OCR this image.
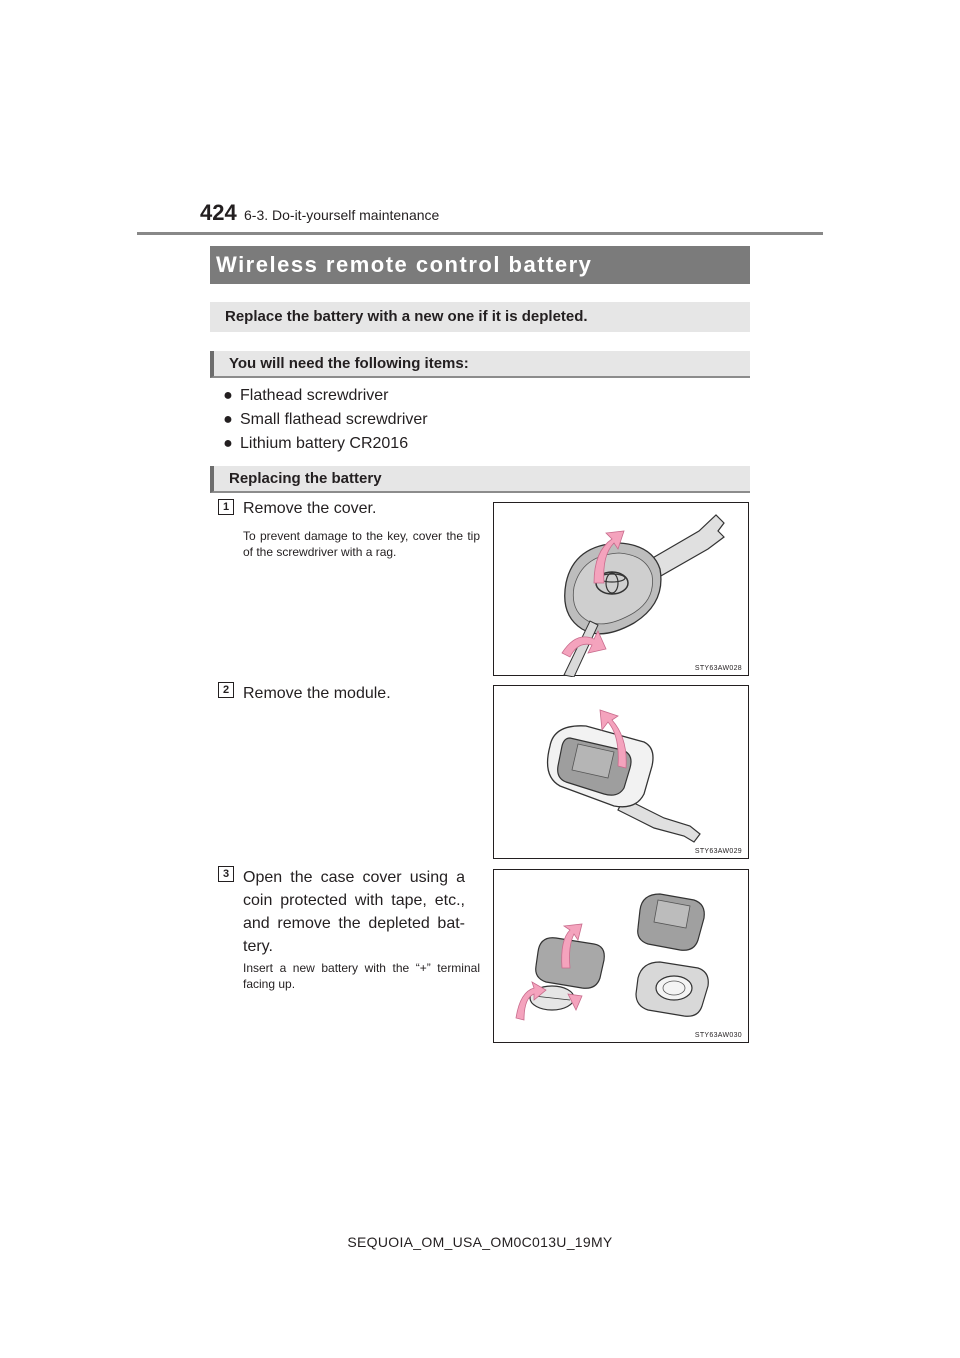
424 6-3. Do-it-yourself maintenance
Wireless remote control battery
Replace the battery with a new one if it is depleted.
You will need the following items:
● Flathead screwdriver
● Small flathead screwdriver
● Lithium battery CR2016
Replacing the battery
1 Remove the cover.
To prevent damage to the key, cover the tip of the screwdriver with a rag.
STY63AW028
2 Remove the module.
STY63AW029
3 Open the case cover using a coin protected with tape, etc., and remove the depleted bat-tery.
Insert a new battery with the “+” terminal facing up.
STY63AW030
SEQUOIA_OM_USA_OM0C013U_19MY
